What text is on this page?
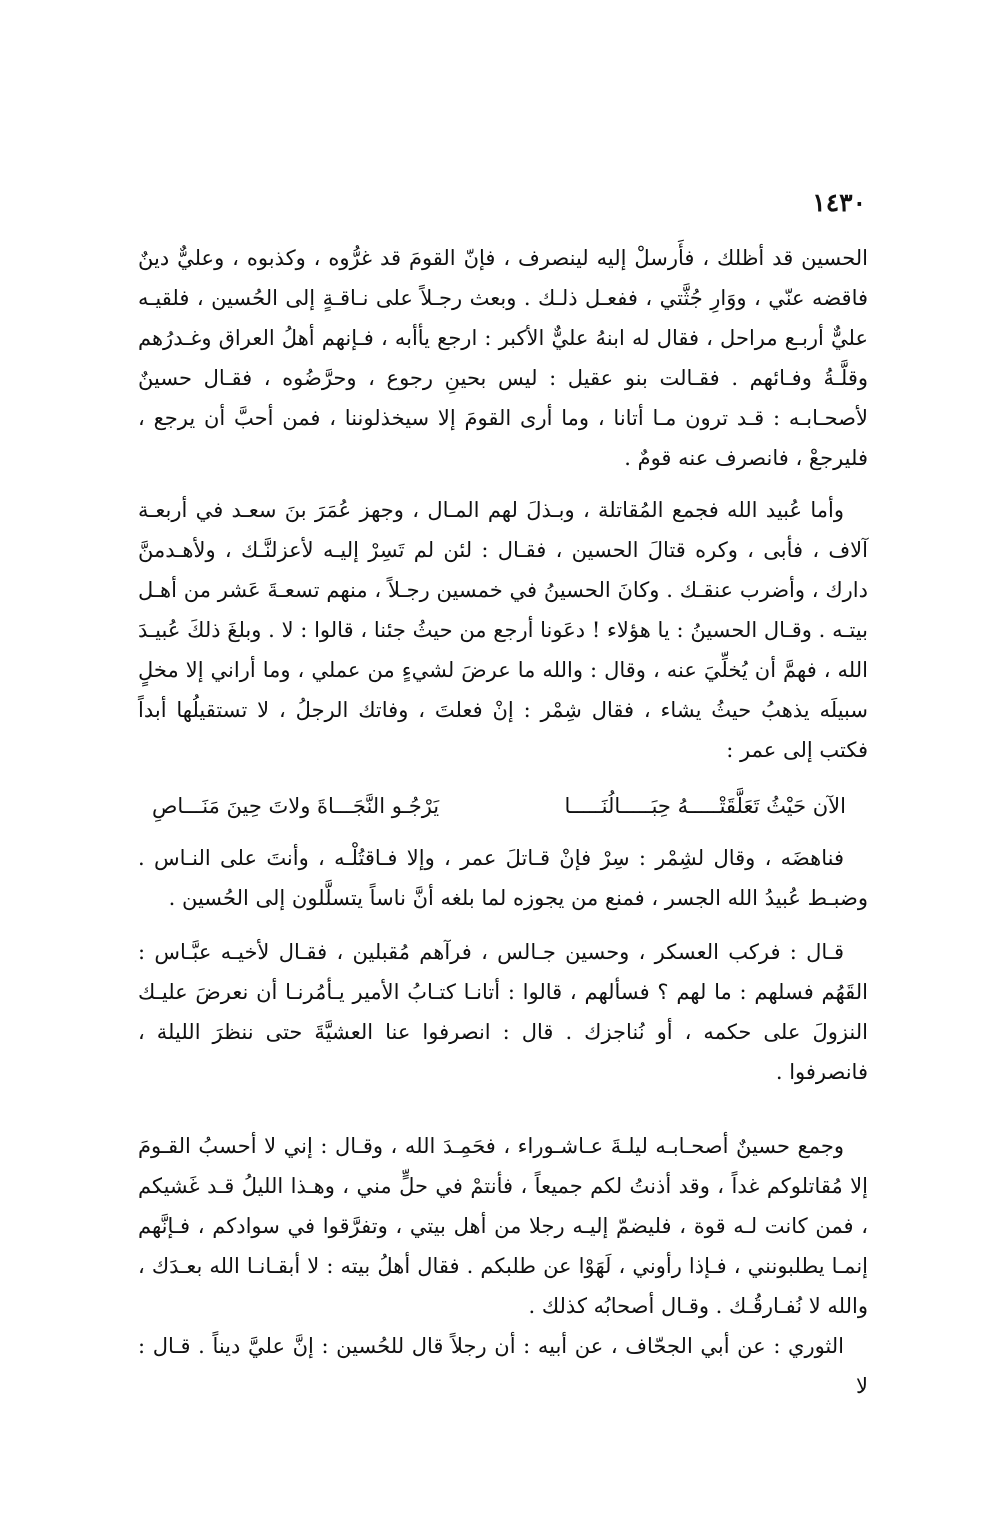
١٤٣٠

الحسين قد أظلك ، فأَرسلْ إليه لينصرف ، فإنّ القومَ قد غرُّوه ، وكذبوه ، وعليٌّ دينٌ فاقضه عنّي ، ووَارِ جُثَّتي ، ففعـل ذلـك . وبعث رجـلاً على نـاقـةٍ إلى الحُسين ، فلقيـه عليٌّ أربـع مراحل ، فقال له ابنهُ عليٌّ الأكبر : ارجع يأأبه ، فـإنهم أهلُ العراق وغـدرُهم وقلَّـةُ وفـائهم . فقـالت بنو عقيل : ليس بحينِ رجوع ، وحرَّضُوه ، فقـال حسينٌ لأصحـابـه : قـد ترون مـا أتانا ، وما أرى القومَ إلا سيخذلوننا ، فمن أحبَّ أن يرجع ، فليرجعْ ، فانصرف عنه قومٌ .

وأما عُبيد الله فجمع المُقاتلة ، وبـذلَ لهم المـال ، وجهز عُمَرَ بنَ سعـد في أربعـة آلاف ، فأبى ، وكره قتالَ الحسين ، فقـال : لئن لم تَسِرْ إليـه لأعزلنَّـك ، ولأهـدمنَّ دارك ، وأضرب عنقـك . وكانَ الحسينُ في خمسين رجـلاً ، منهم تسعـةَ عَشر من أهـل بيتـه . وقـال الحسينُ : يا هؤلاء ! دعَونا أرجع من حيثُ جئنا ، قالوا : لا . وبلغَ ذلكَ عُبيـدَ الله ، فهمَّ أن يُخلِّيَ عنه ، وقال : والله ما عرضَ لشيءٍ من عملي ، وما أراني إلا مخلٍ سبيلَه يذهبُ حيثُ يشاء ، فقال شِمْر : إنْ فعلتَ ، وفاتك الرجلُ ، لا تستقيلُها أبداً فكتب إلى عمر :

الآن حَيْثُ تَعَلَّقَتْـــــهُ حِبَـــــالُنَـــــا
يَرْجُـو النَّجَـــاةَ ولاتَ حِينَ مَنَـــاصِ

فناهضَه ، وقال لشِمْر : سِرْ فإنْ قـاتلَ عمر ، وإلا فـاقتُلْـه ، وأنتَ على النـاس . وضبـط عُبيدُ الله الجسر ، فمنع من يجوزه لما بلغه أنَّ ناساً يتسلَّلون إلى الحُسين .

قـال : فركب العسكر ، وحسين جـالس ، فرآهم مُقبلين ، فقـال لأخيـه عبَّـاس : القَهُم فسلهم : ما لهم ؟ فسألهم ، قالوا : أتانـا كتـابُ الأمير يـأمُرنـا أن نعرضَ عليـك النزولَ على حكمه ، أو نُناجزك . قال : انصرفوا عنا العشيَّةَ حتى ننظرَ الليلة ، فانصرفوا .

وجمع حسينٌ أصحـابـه ليلـةَ عـاشـوراء ، فحَمِـدَ الله ، وقـال : إني لا أحسبُ القـومَ إلا مُقاتلوكم غداً ، وقد أذنتُ لكم جميعاً ، فأنتمْ في حلٍّ مني ، وهـذا الليلُ قـد غَشيكم ، فمن كانت لـه قوة ، فليضمّ إليـه رجلا من أهل بيتي ، وتفرَّقوا في سوادكم ، فـإنَّهم إنمـا يطلبونني ، فـإذا رأوني ، لَهَوْا عن طلبكم . فقال أهلُ بيته : لا أبقـانـا الله بعـدَك ، والله لا نُفـارقُـك . وقـال أصحابُه كذلك .

الثوري : عن أبي الجحّاف ، عن أبيه : أن رجلاً قال للحُسين : إنَّ عليَّ ديناً . قـال : لا
